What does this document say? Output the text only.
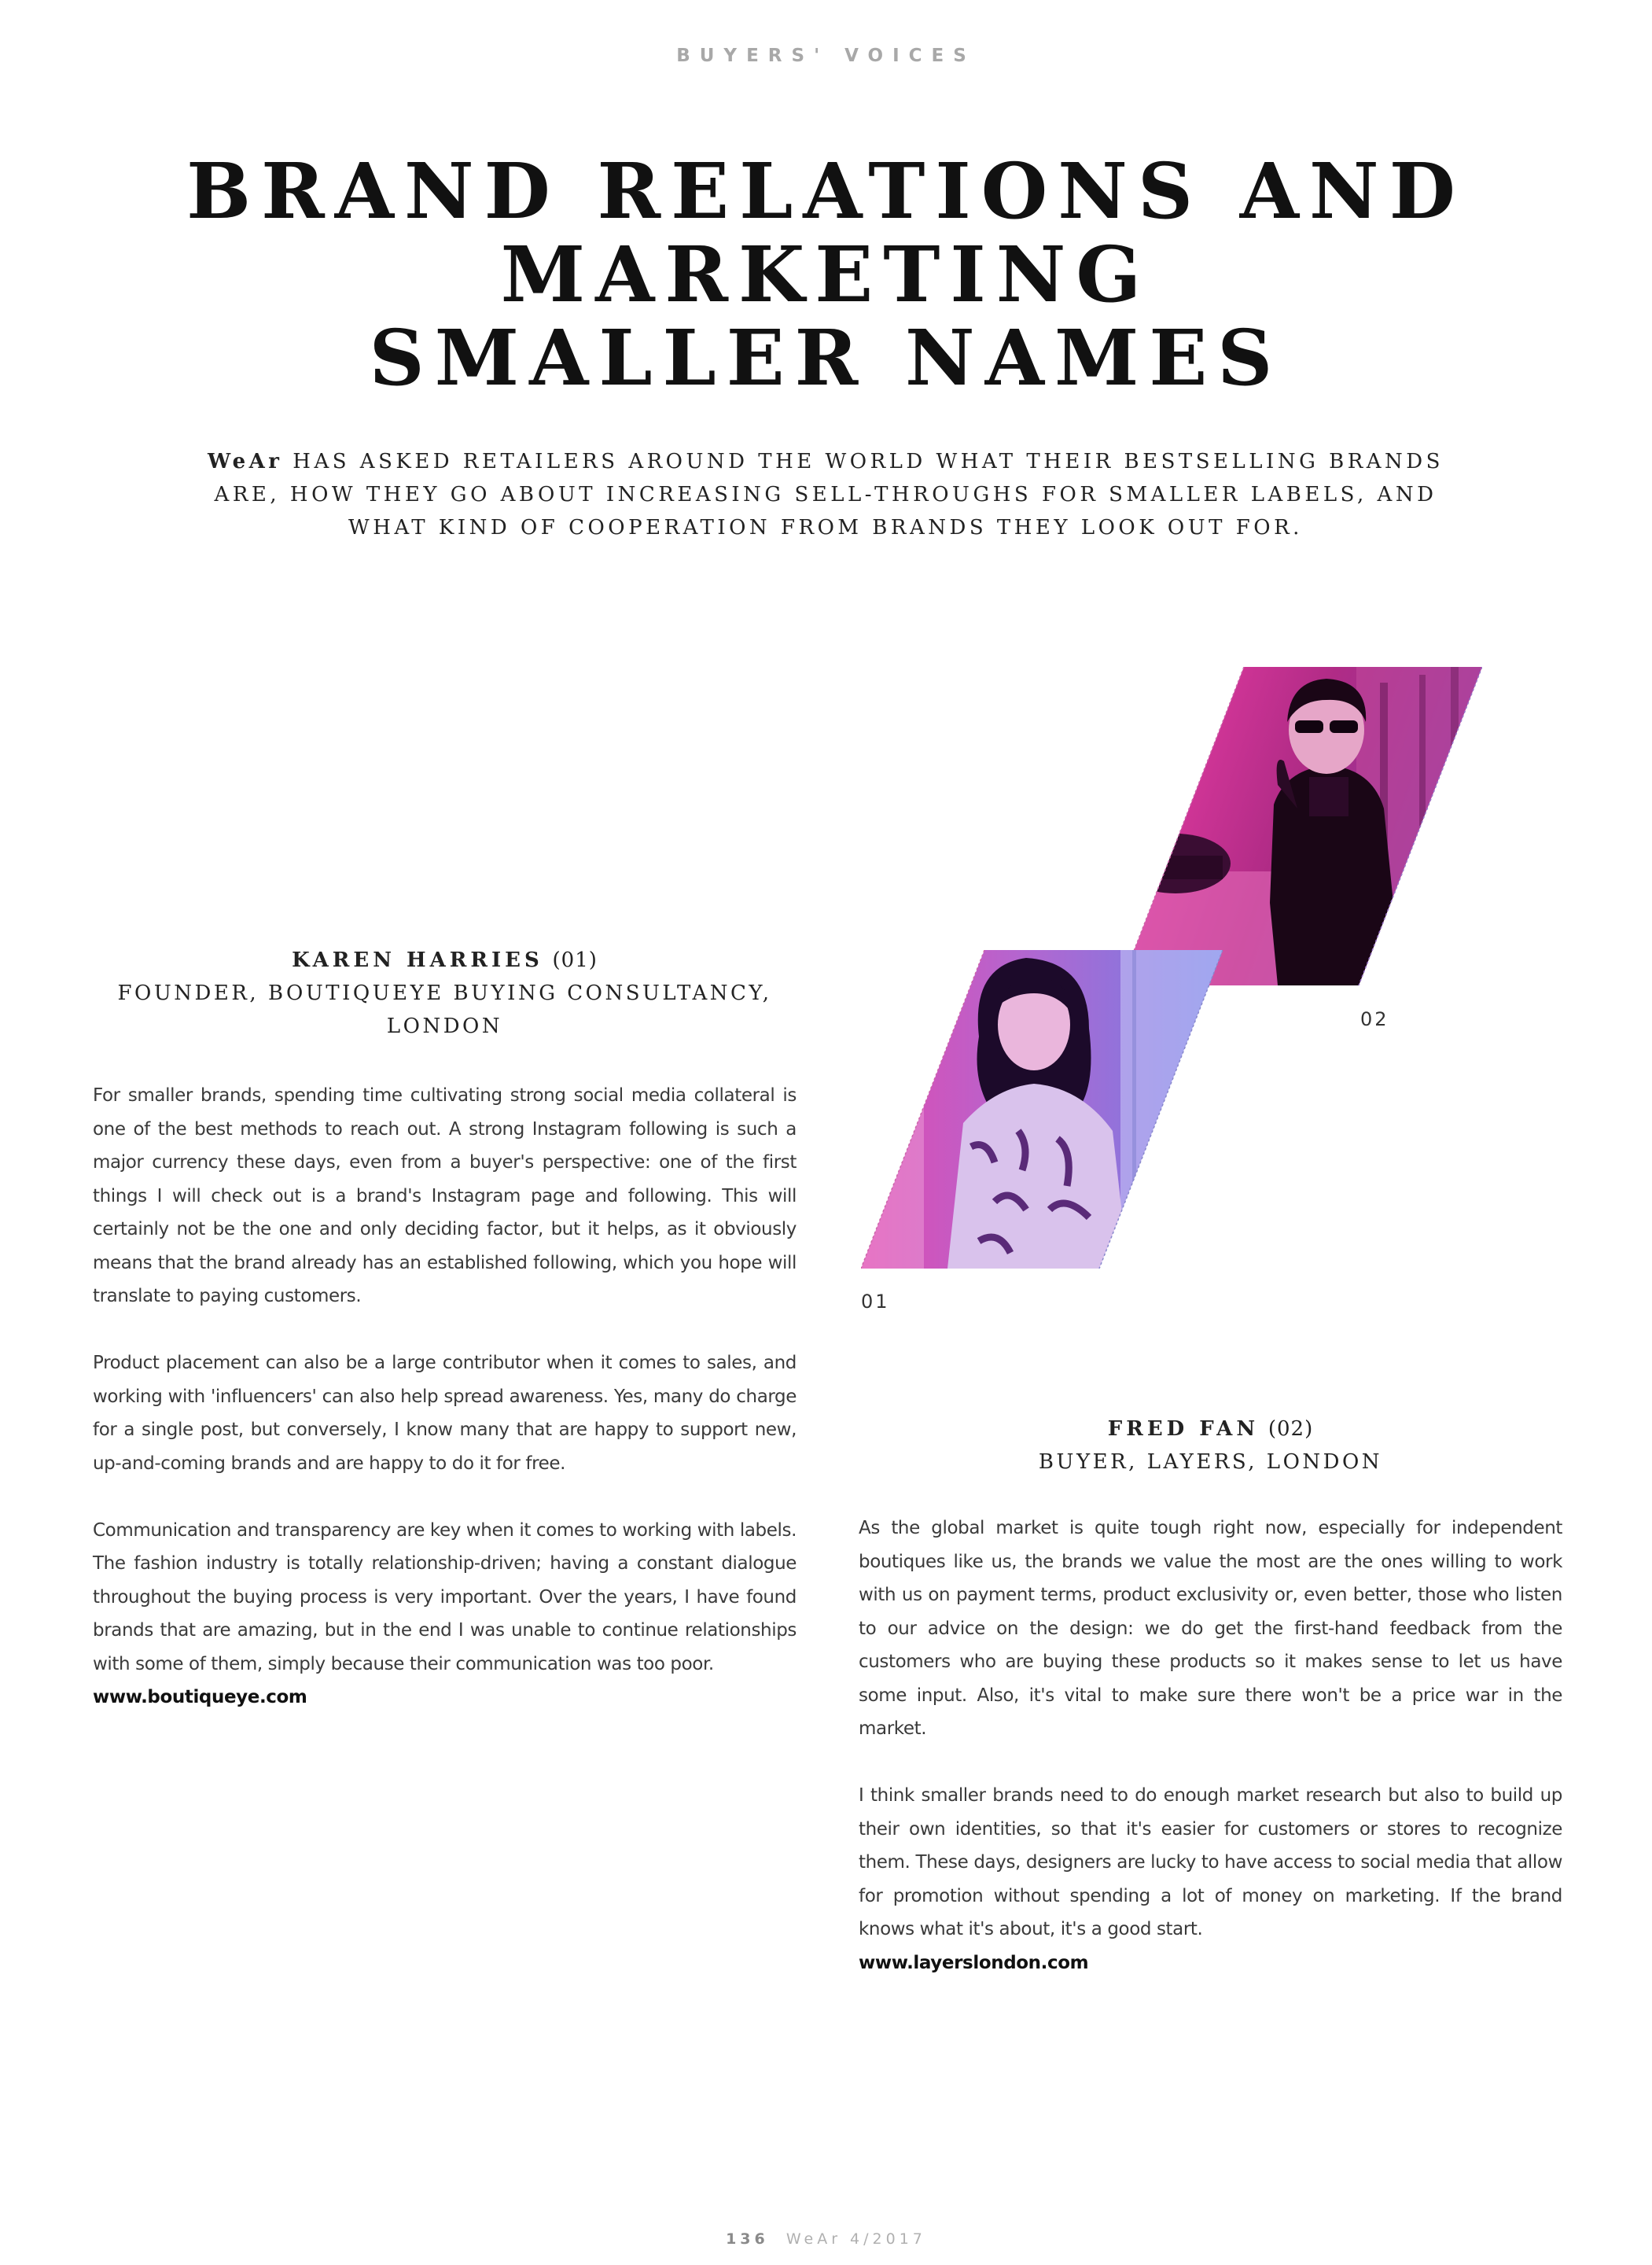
BUYERS' VOICES
BRAND RELATIONS AND
MARKETING
SMALLER NAMES
WeAr HAS ASKED RETAILERS AROUND THE WORLD WHAT THEIR BESTSELLING BRANDS ARE, HOW THEY GO ABOUT INCREASING SELL-THROUGHS FOR SMALLER LABELS, AND WHAT KIND OF COOPERATION FROM BRANDS THEY LOOK OUT FOR.
02
01
KAREN HARRIES (01)
FOUNDER, BOUTIQUEYE BUYING CONSULTANCY,
LONDON

For smaller brands, spending time cultivating strong social media collateral is one of the best methods to reach out. A strong Instagram following is such a major currency these days, even from a buyer's perspective: one of the first things I will check out is a brand's Instagram page and following. This will certainly not be the one and only deciding factor, but it helps, as it obviously means that the brand already has an established following, which you hope will translate to paying customers.

Product placement can also be a large contributor when it comes to sales, and working with 'influencers' can also help spread awareness. Yes, many do charge for a single post, but conversely, I know many that are happy to support new, up-and-coming brands and are happy to do it for free.

Communication and transparency are key when it comes to working with labels. The fashion industry is totally relationship-driven; having a constant dialogue throughout the buying process is very important. Over the years, I have found brands that are amazing, but in the end I was unable to continue relationships with some of them, simply because their communication was too poor.

www.boutiqueye.com
FRED FAN (02)
BUYER, LAYERS, LONDON

As the global market is quite tough right now, especially for independent boutiques like us, the brands we value the most are the ones willing to work with us on payment terms, product exclusivity or, even better, those who listen to our advice on the design: we do get the first-hand feedback from the customers who are buying these products so it makes sense to let us have some input. Also, it's vital to make sure there won't be a price war in the market.

I think smaller brands need to do enough market research but also to build up their own identities, so that it's easier for customers or stores to recognize them. These days, designers are lucky to have access to social media that allow for promotion without spending a lot of money on marketing. If the brand knows what it's about, it's a good start.

www.layerslondon.com
136 WeAr 4/2017
